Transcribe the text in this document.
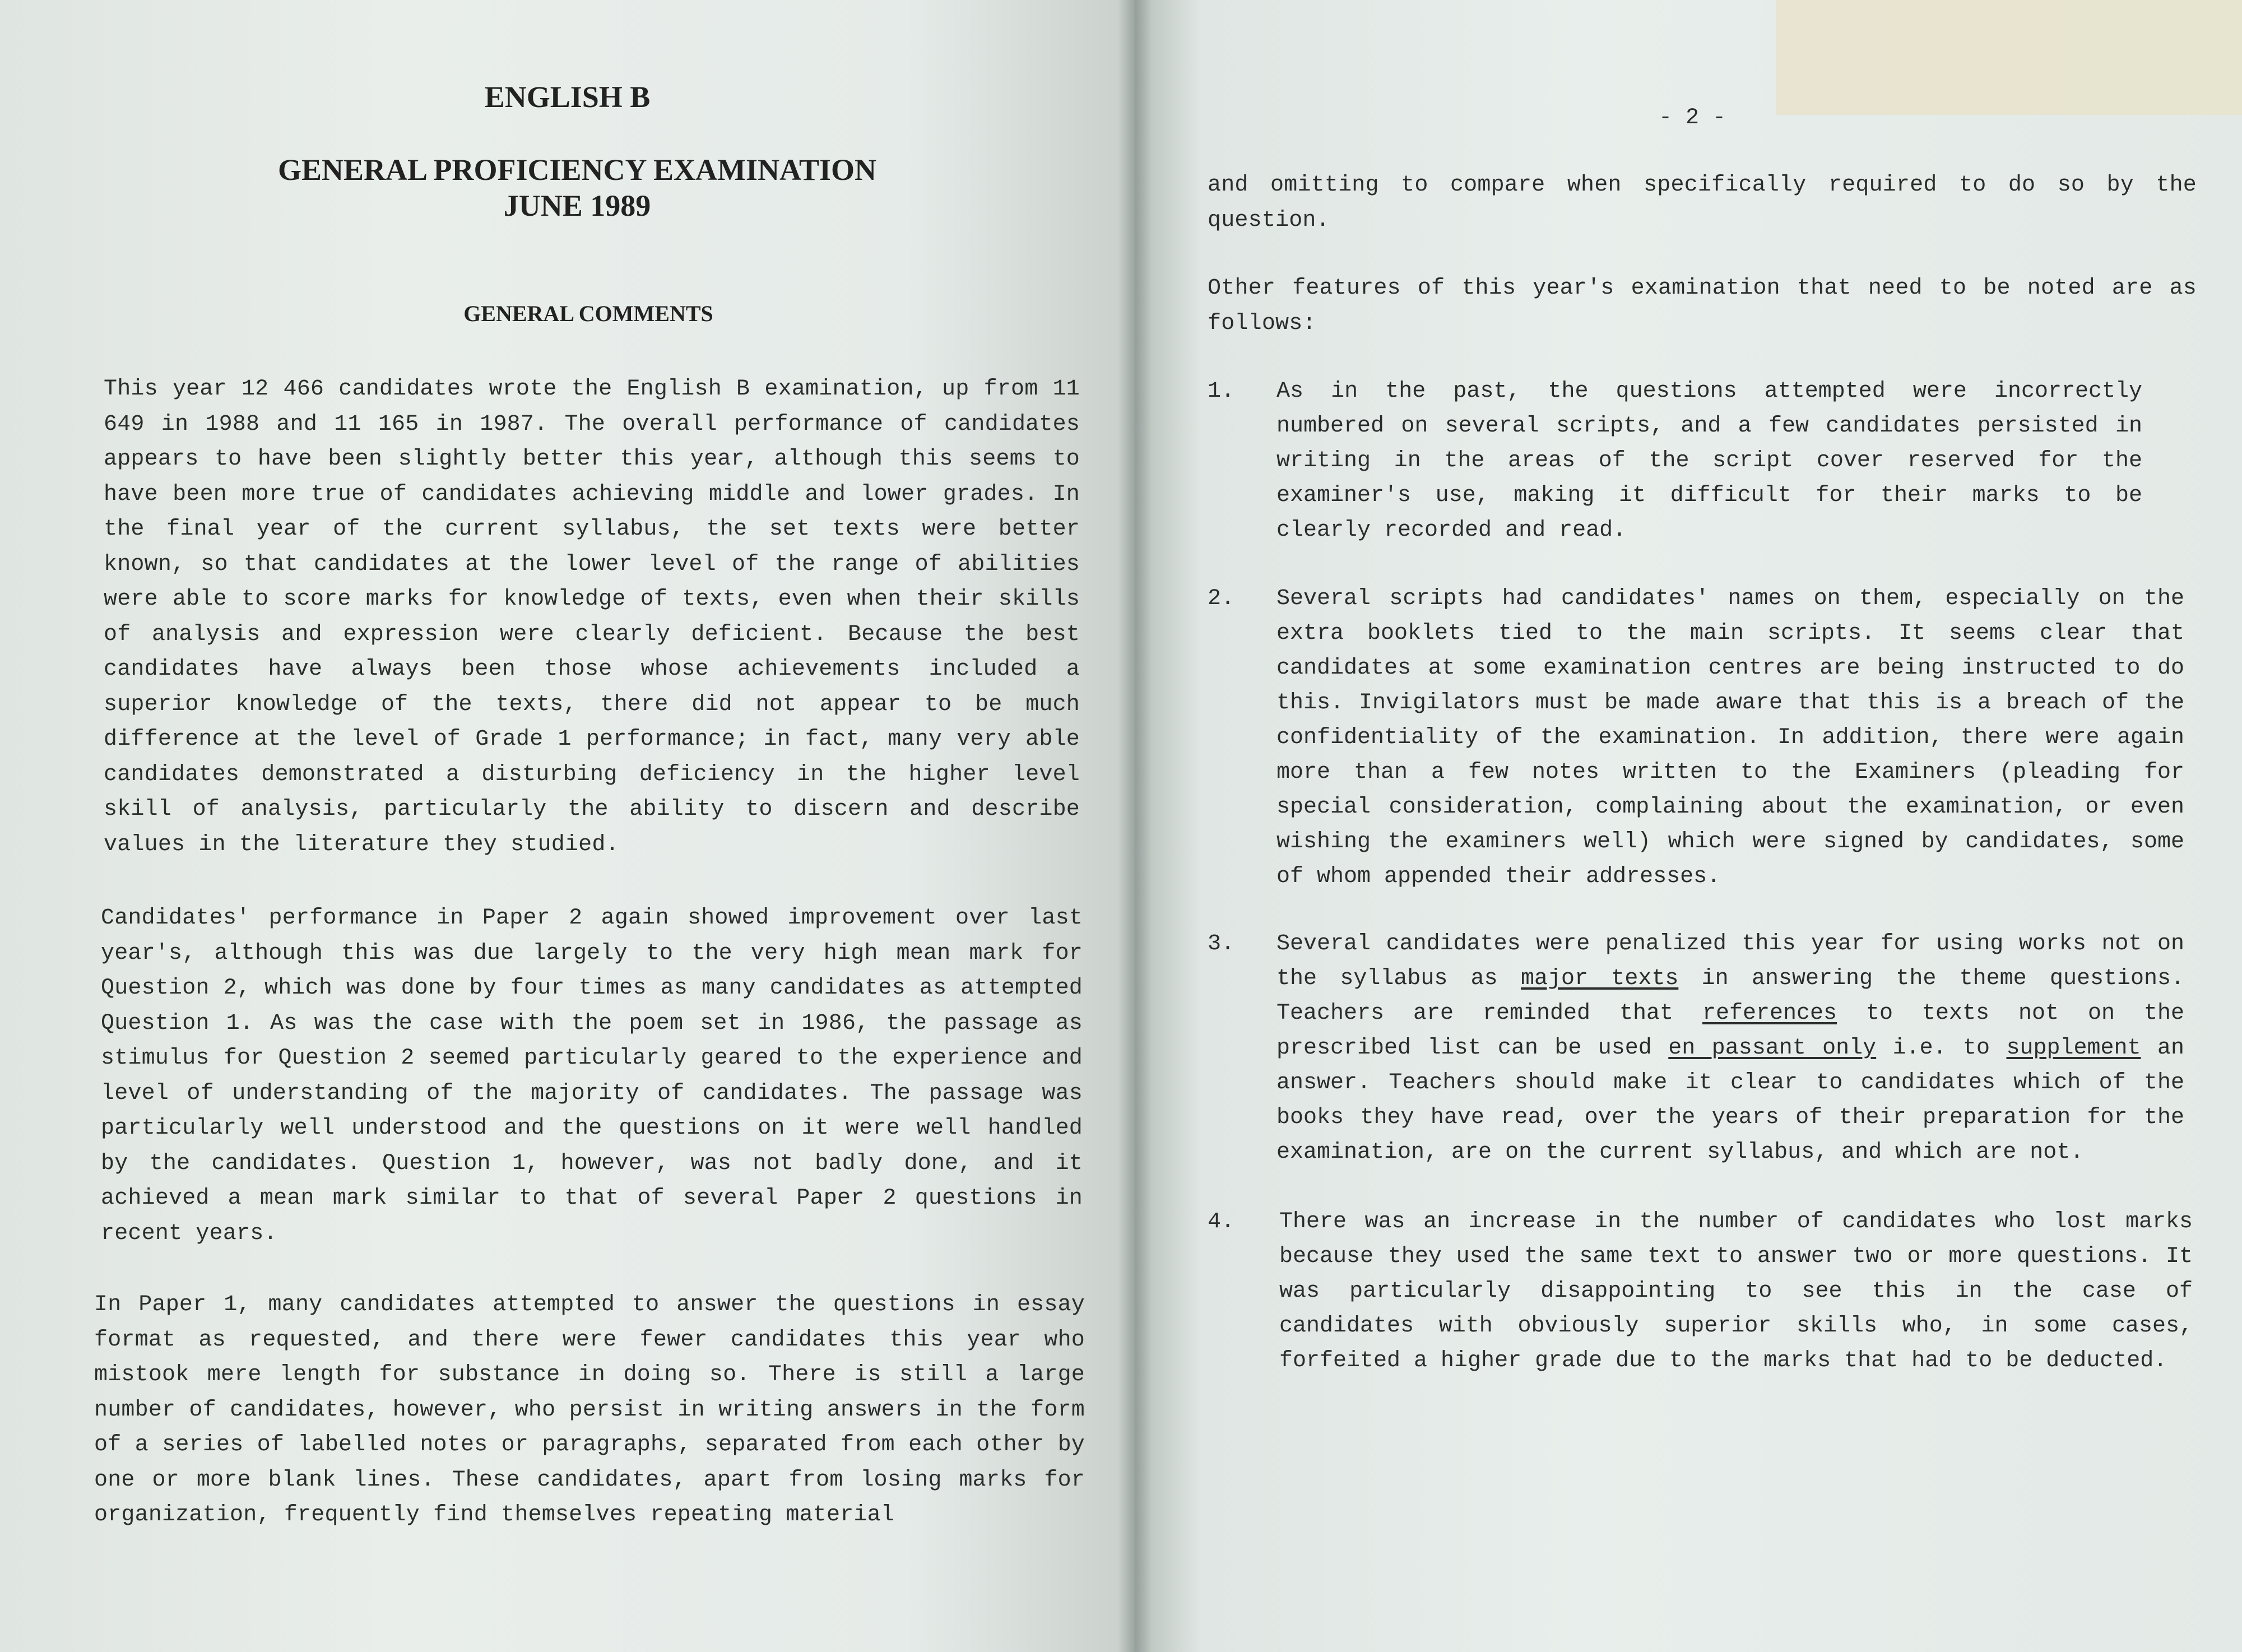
ENGLISH B
GENERAL PROFICIENCY EXAMINATION
JUNE 1989
GENERAL COMMENTS
This year 12 466 candidates wrote the English B examination, up from 11 649 in 1988 and 11 165 in 1987. The overall performance of candidates appears to have been slightly better this year, although this seems to have been more true of candidates achieving middle and lower grades. In the final year of the current syllabus, the set texts were better known, so that candidates at the lower level of the range of abilities were able to score marks for knowledge of texts, even when their skills of analysis and expression were clearly deficient. Because the best candidates have always been those whose achievements included a superior knowledge of the texts, there did not appear to be much difference at the level of Grade 1 performance; in fact, many very able candidates demonstrated a disturbing deficiency in the higher level skill of analysis, particularly the ability to discern and describe values in the literature they studied.
Candidates' performance in Paper 2 again showed improvement over last year's, although this was due largely to the very high mean mark for Question 2, which was done by four times as many candidates as attempted Question 1. As was the case with the poem set in 1986, the passage as stimulus for Question 2 seemed particularly geared to the experience and level of understanding of the majority of candidates. The passage was particularly well understood and the questions on it were well handled by the candidates. Question 1, however, was not badly done, and it achieved a mean mark similar to that of several Paper 2 questions in recent years.
In Paper 1, many candidates attempted to answer the questions in essay format as requested, and there were fewer candidates this year who mistook mere length for substance in doing so. There is still a large number of candidates, however, who persist in writing answers in the form of a series of labelled notes or paragraphs, separated from each other by one or more blank lines. These candidates, apart from losing marks for organization, frequently find themselves repeating material
- 2 -
and omitting to compare when specifically required to do so by the question.
Other features of this year's examination that need to be noted are as follows:
1. As in the past, the questions attempted were incorrectly numbered on several scripts, and a few candidates persisted in writing in the areas of the script cover reserved for the examiner's use, making it difficult for their marks to be clearly recorded and read.
2. Several scripts had candidates' names on them, especially on the extra booklets tied to the main scripts. It seems clear that candidates at some examination centres are being instructed to do this. Invigilators must be made aware that this is a breach of the confidentiality of the examination. In addition, there were again more than a few notes written to the Examiners (pleading for special consideration, complaining about the examination, or even wishing the examiners well) which were signed by candidates, some of whom appended their addresses.
3. Several candidates were penalized this year for using works not on the syllabus as major texts in answering the theme questions. Teachers are reminded that references to texts not on the prescribed list can be used en passant only i.e. to supplement an answer. Teachers should make it clear to candidates which of the books they have read, over the years of their preparation for the examination, are on the current syllabus, and which are not.
4. There was an increase in the number of candidates who lost marks because they used the same text to answer two or more questions. It was particularly disappointing to see this in the case of candidates with obviously superior skills who, in some cases, forfeited a higher grade due to the marks that had to be deducted.
